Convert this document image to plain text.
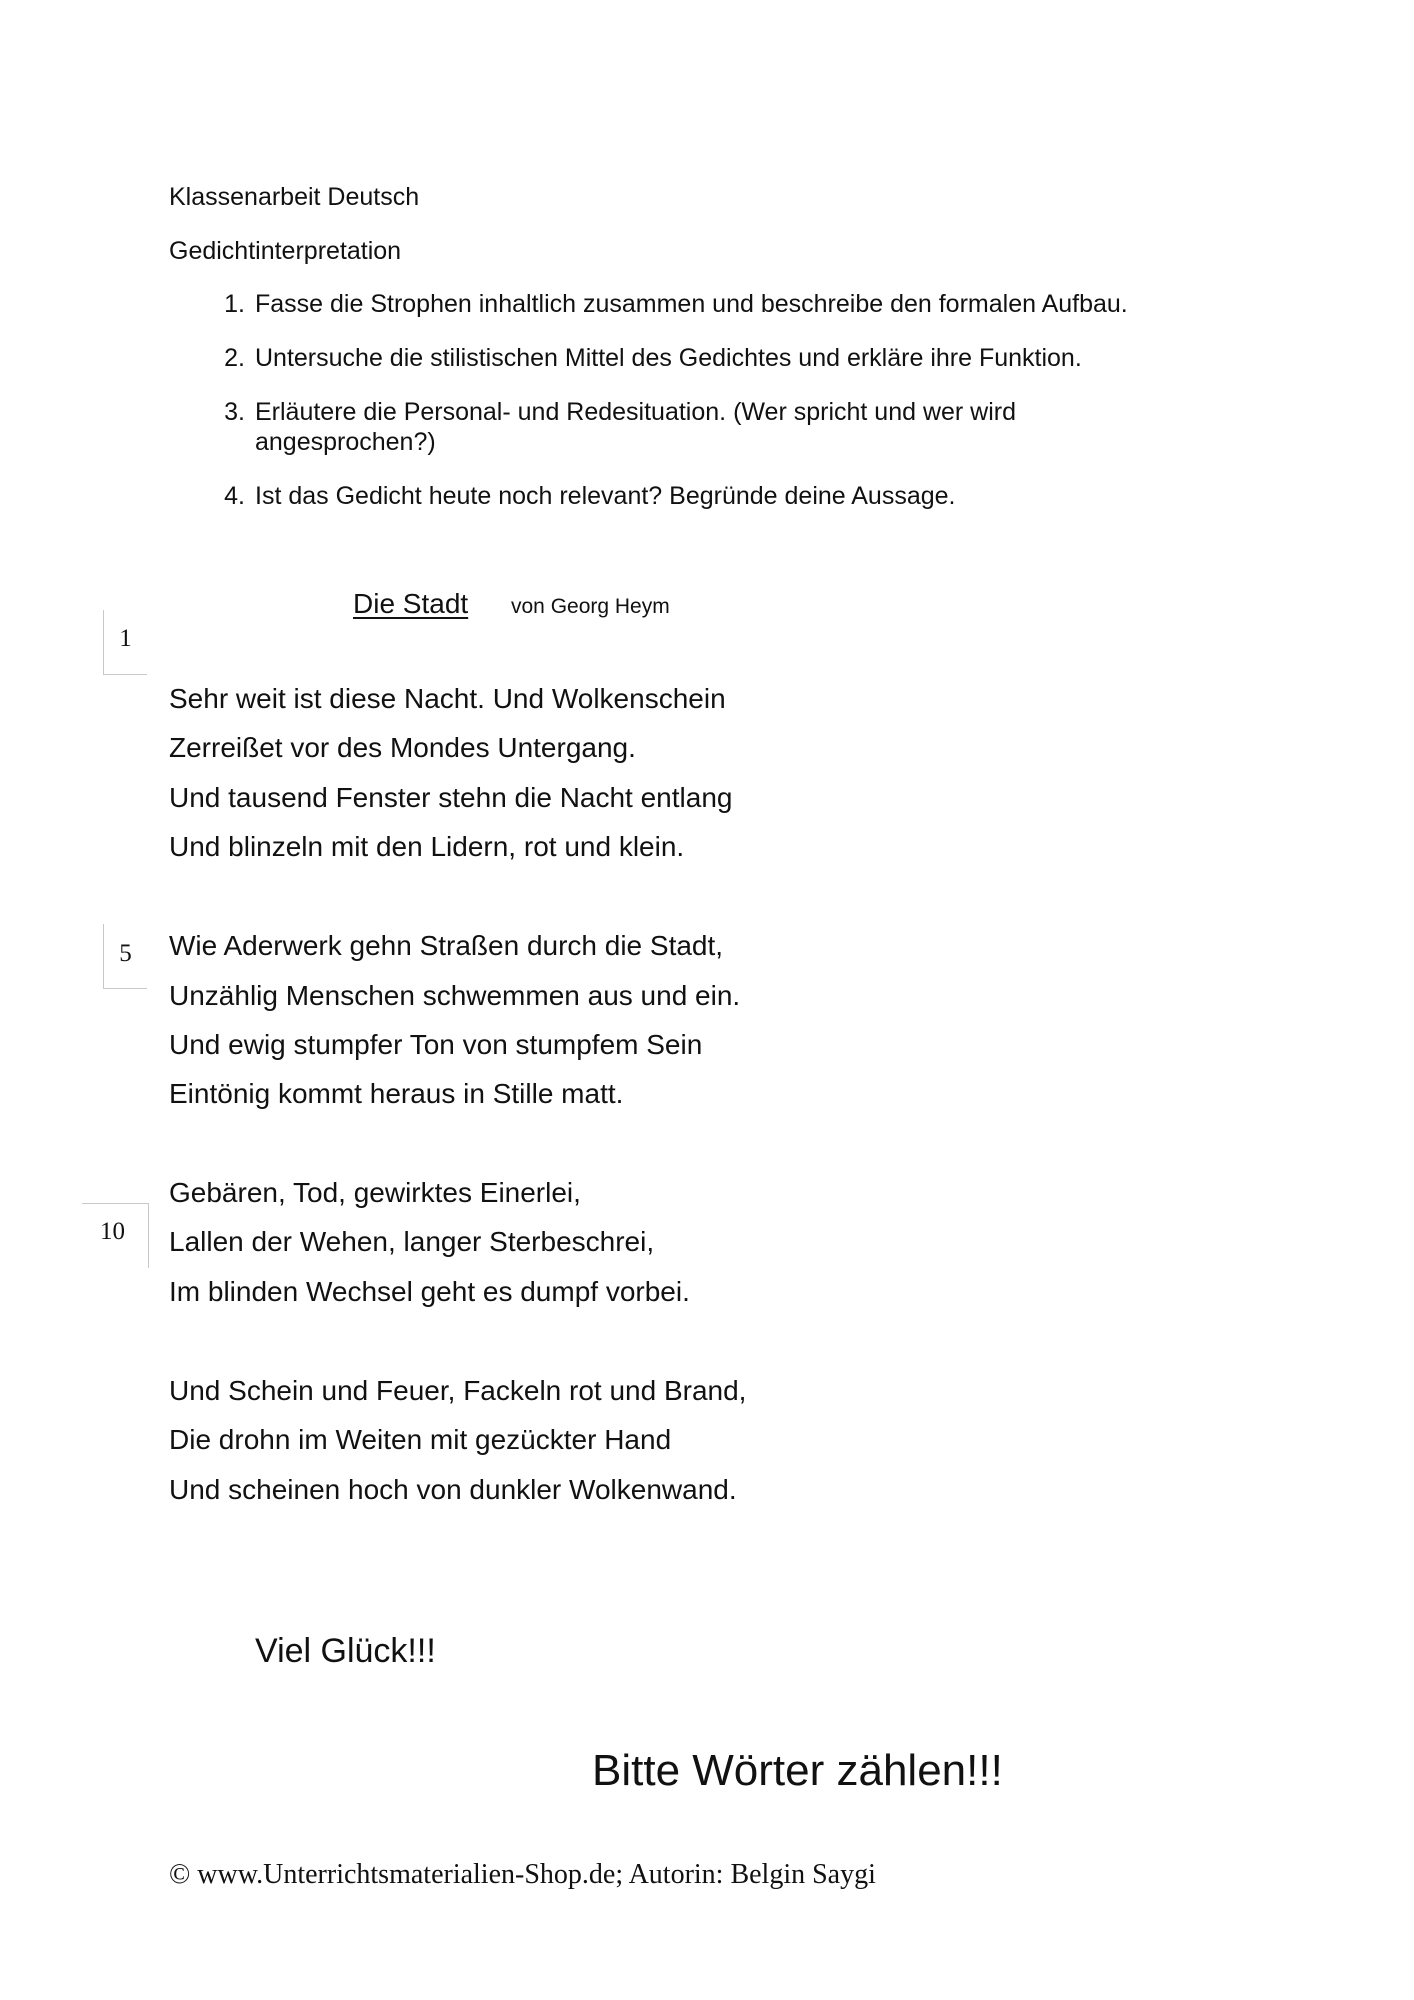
Klassenarbeit Deutsch
Gedichtinterpretation
1. Fasse die Strophen inhaltlich zusammen und beschreibe den formalen Aufbau.
2. Untersuche die stilistischen Mittel des Gedichtes und erkläre ihre Funktion.
3. Erläutere die Personal- und Redesituation. (Wer spricht und wer wird
angesprochen?)
4. Ist das Gedicht heute noch relevant? Begründe deine Aussage.
Die Stadt von Georg Heym
1
5
10
Sehr weit ist diese Nacht. Und Wolkenschein
Zerreißet vor des Mondes Untergang.
Und tausend Fenster stehn die Nacht entlang
Und blinzeln mit den Lidern, rot und klein.
Wie Aderwerk gehn Straßen durch die Stadt,
Unzählig Menschen schwemmen aus und ein.
Und ewig stumpfer Ton von stumpfem Sein
Eintönig kommt heraus in Stille matt.
Gebären, Tod, gewirktes Einerlei,
Lallen der Wehen, langer Sterbeschrei,
Im blinden Wechsel geht es dumpf vorbei.
Und Schein und Feuer, Fackeln rot und Brand,
Die drohn im Weiten mit gezückter Hand
Und scheinen hoch von dunkler Wolkenwand.
Viel Glück!!!
Bitte Wörter zählen!!!
© www.Unterrichtsmaterialien-Shop.de; Autorin: Belgin Saygi
